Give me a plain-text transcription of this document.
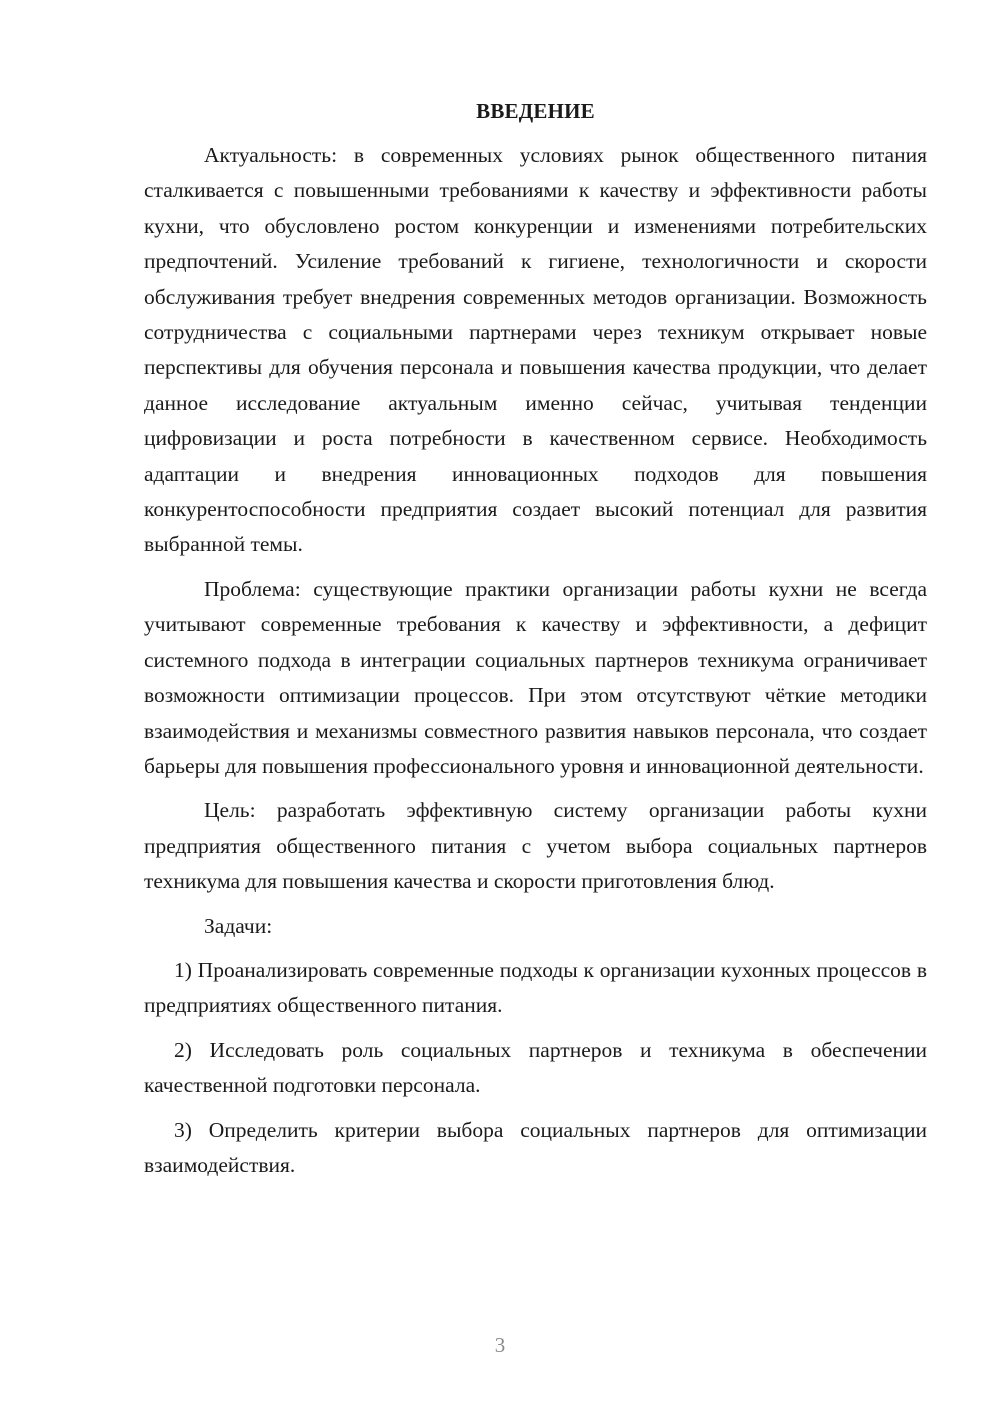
ВВЕДЕНИЕ

Актуальность: в современных условиях рынок общественного питания сталкивается с повышенными требованиями к качеству и эффективности работы кухни, что обусловлено ростом конкуренции и изменениями потребительских предпочтений. Усиление требований к гигиене, технологичности и скорости обслуживания требует внедрения современных методов организации. Возможность сотрудничества с социальными партнерами через техникум открывает новые перспективы для обучения персонала и повышения качества продукции, что делает данное исследование актуальным именно сейчас, учитывая тенденции цифровизации и роста потребности в качественном сервисе. Необходимость адаптации и внедрения инновационных подходов для повышения конкурентоспособности предприятия создает высокий потенциал для развития выбранной темы.

Проблема: существующие практики организации работы кухни не всегда учитывают современные требования к качеству и эффективности, а дефицит системного подхода в интеграции социальных партнеров техникума ограничивает возможности оптимизации процессов. При этом отсутствуют чёткие методики взаимодействия и механизмы совместного развития навыков персонала, что создает барьеры для повышения профессионального уровня и инновационной деятельности.

Цель: разработать эффективную систему организации работы кухни предприятия общественного питания с учетом выбора социальных партнеров техникума для повышения качества и скорости приготовления блюд.

Задачи:

1) Проанализировать современные подходы к организации кухонных процессов в предприятиях общественного питания.

2) Исследовать роль социальных партнеров и техникума в обеспечении качественной подготовки персонала.

3) Определить критерии выбора социальных партнеров для оптимизации взаимодействия.

3
